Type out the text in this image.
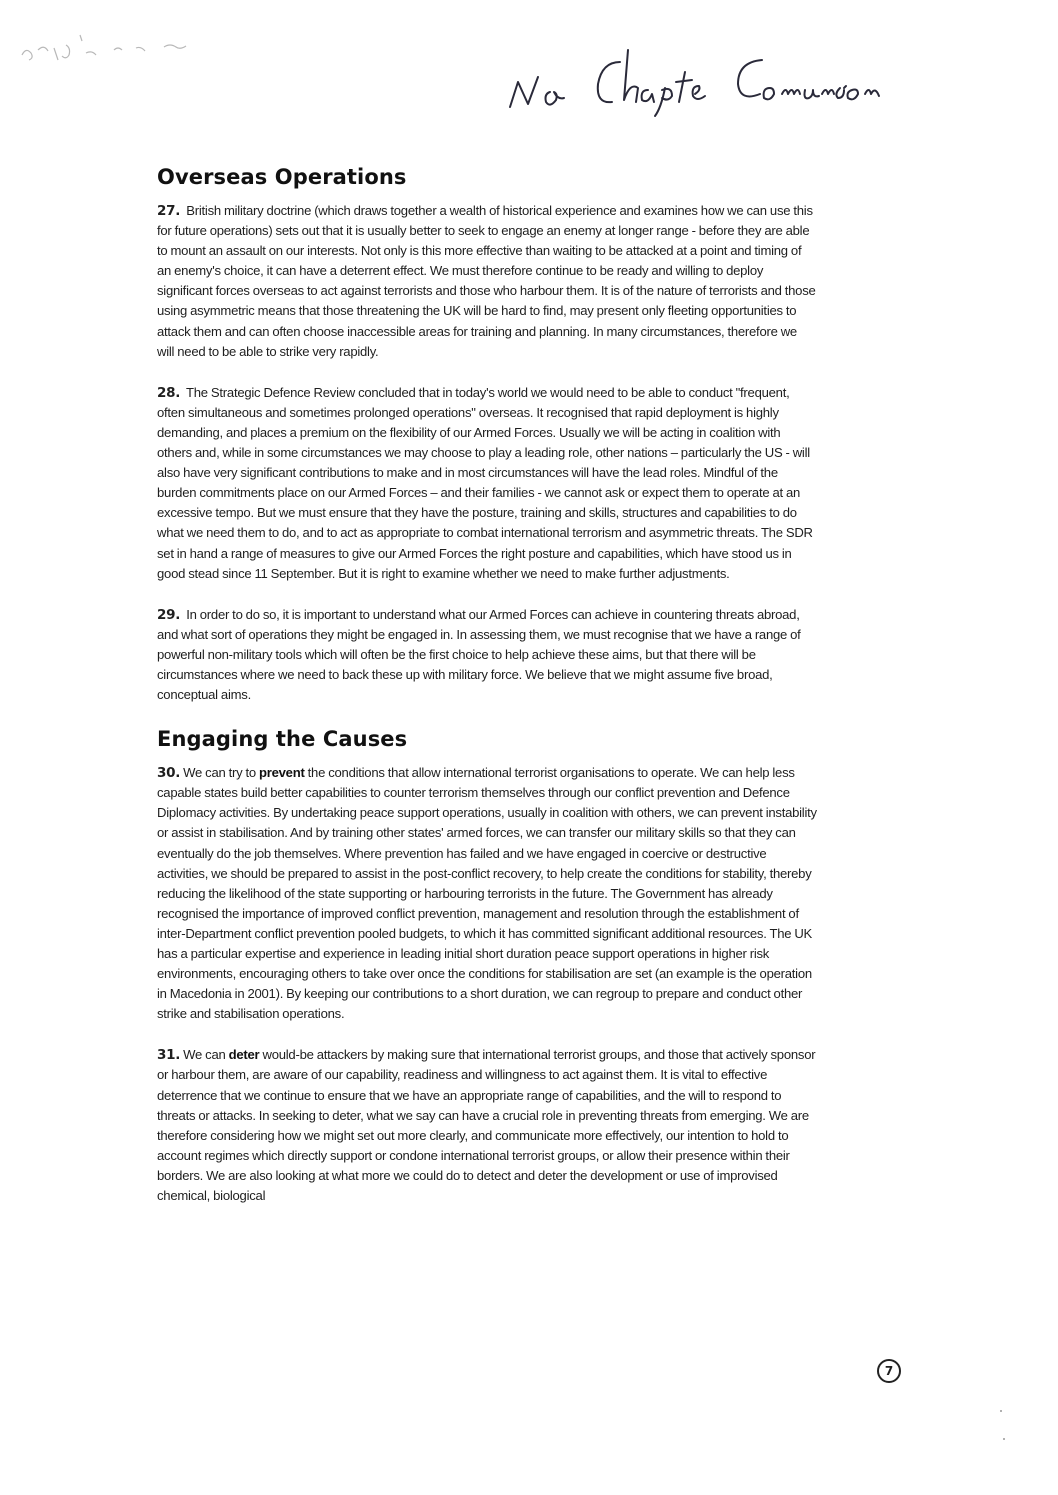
Overseas Operations

27. British military doctrine (which draws together a wealth of historical experience and examines how we can use this for future operations) sets out that it is usually better to seek to engage an enemy at longer range - before they are able to mount an assault on our interests. Not only is this more effective than waiting to be attacked at a point and timing of an enemy's choice, it can have a deterrent effect. We must therefore continue to be ready and willing to deploy significant forces overseas to act against terrorists and those who harbour them. It is of the nature of terrorists and those using asymmetric means that those threatening the UK will be hard to find, may present only fleeting opportunities to attack them and can often choose inaccessible areas for training and planning. In many circumstances, therefore we will need to be able to strike very rapidly.

28. The Strategic Defence Review concluded that in today's world we would need to be able to conduct "frequent, often simultaneous and sometimes prolonged operations" overseas. It recognised that rapid deployment is highly demanding, and places a premium on the flexibility of our Armed Forces. Usually we will be acting in coalition with others and, while in some circumstances we may choose to play a leading role, other nations – particularly the US - will also have very significant contributions to make and in most circumstances will have the lead roles. Mindful of the burden commitments place on our Armed Forces – and their families - we cannot ask or expect them to operate at an excessive tempo. But we must ensure that they have the posture, training and skills, structures and capabilities to do what we need them to do, and to act as appropriate to combat international terrorism and asymmetric threats. The SDR set in hand a range of measures to give our Armed Forces the right posture and capabilities, which have stood us in good stead since 11 September. But it is right to examine whether we need to make further adjustments.

29. In order to do so, it is important to understand what our Armed Forces can achieve in countering threats abroad, and what sort of operations they might be engaged in. In assessing them, we must recognise that we have a range of powerful non-military tools which will often be the first choice to help achieve these aims, but that there will be circumstances where we need to back these up with military force. We believe that we might assume five broad, conceptual aims.

Engaging the Causes

30. We can try to prevent the conditions that allow international terrorist organisations to operate. We can help less capable states build better capabilities to counter terrorism themselves through our conflict prevention and Defence Diplomacy activities. By undertaking peace support operations, usually in coalition with others, we can prevent instability or assist in stabilisation. And by training other states' armed forces, we can transfer our military skills so that they can eventually do the job themselves. Where prevention has failed and we have engaged in coercive or destructive activities, we should be prepared to assist in the post-conflict recovery, to help create the conditions for stability, thereby reducing the likelihood of the state supporting or harbouring terrorists in the future. The Government has already recognised the importance of improved conflict prevention, management and resolution through the establishment of inter-Department conflict prevention pooled budgets, to which it has committed significant additional resources. The UK has a particular expertise and experience in leading initial short duration peace support operations in higher risk environments, encouraging others to take over once the conditions for stabilisation are set (an example is the operation in Macedonia in 2001). By keeping our contributions to a short duration, we can regroup to prepare and conduct other strike and stabilisation operations.

31. We can deter would-be attackers by making sure that international terrorist groups, and those that actively sponsor or harbour them, are aware of our capability, readiness and willingness to act against them. It is vital to effective deterrence that we continue to ensure that we have an appropriate range of capabilities, and the will to respond to threats or attacks. In seeking to deter, what we say can have a crucial role in preventing threats from emerging. We are therefore considering how we might set out more clearly, and communicate more effectively, our intention to hold to account regimes which directly support or condone international terrorist groups, or allow their presence within their borders. We are also looking at what more we could do to detect and deter the development or use of improvised chemical, biological

7
